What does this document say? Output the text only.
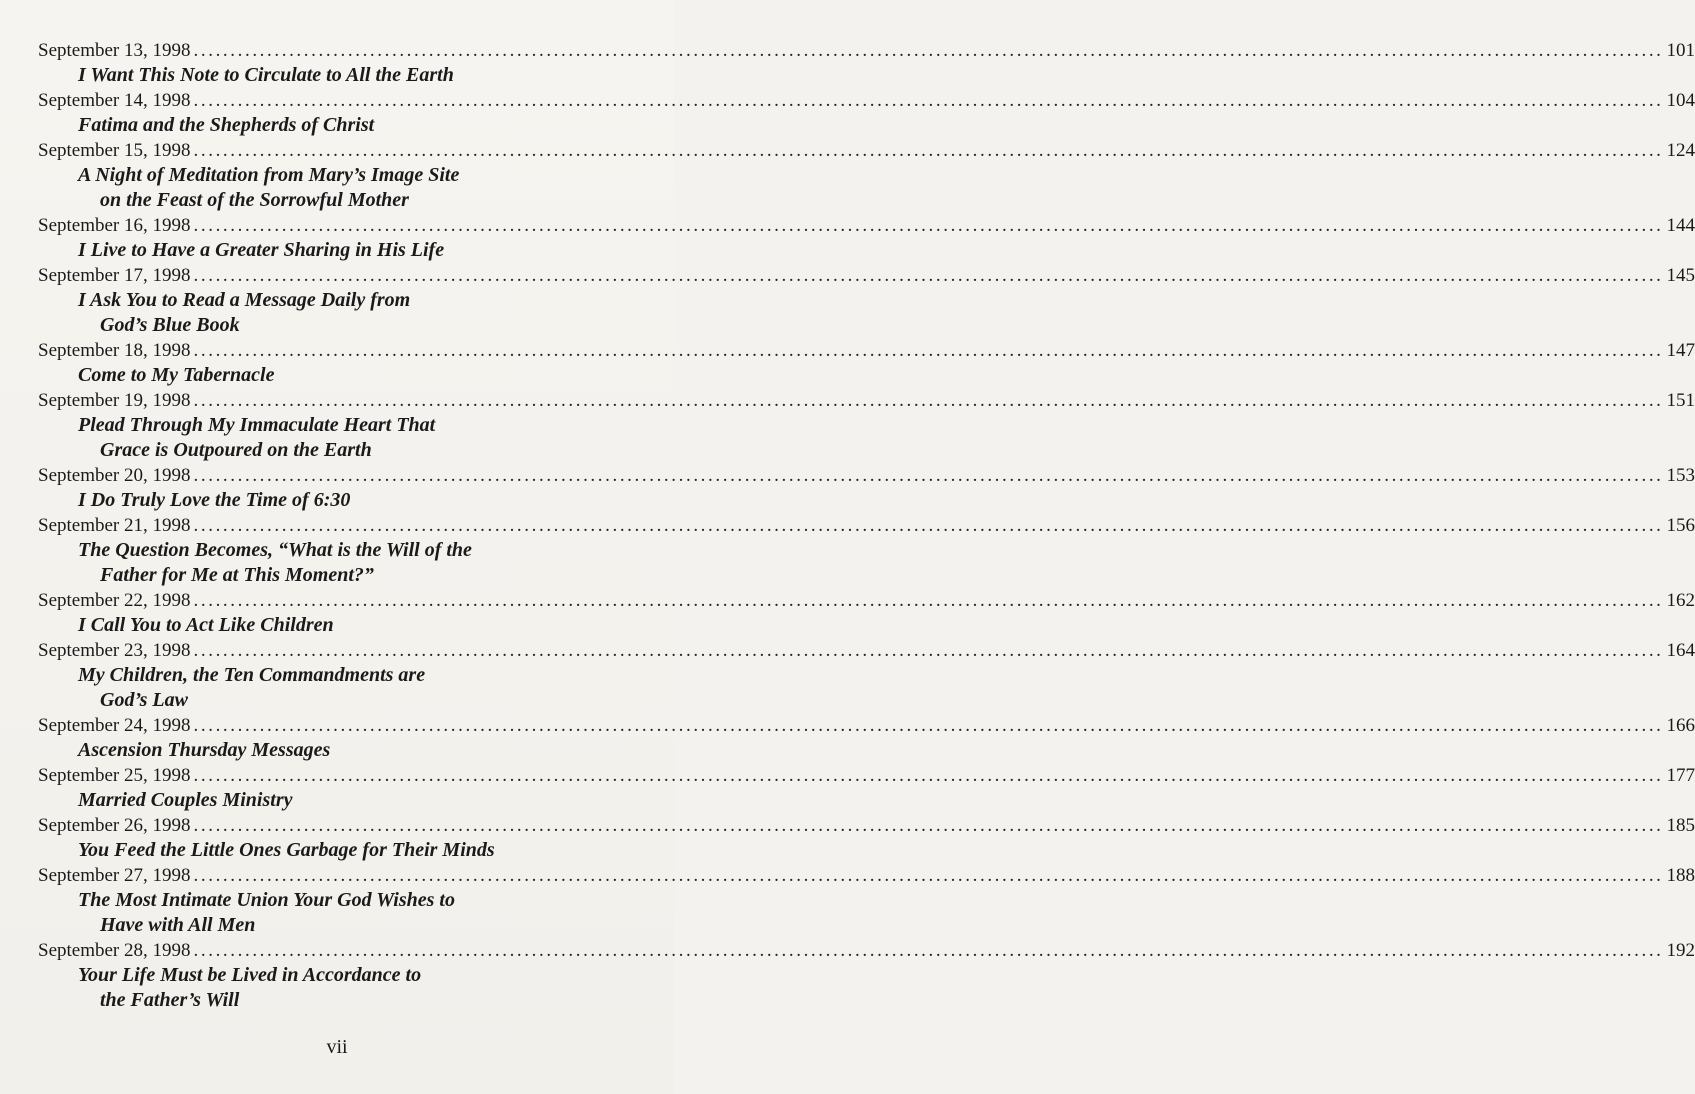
September 13, 1998 ........................................................................................................................................................................................................ 101
I Want This Note to Circulate to All the Earth
September 14, 1998 ........................................................................................................................................................................................................ 104
Fatima and the Shepherds of Christ
September 15, 1998 ........................................................................................................................................................................................................ 124
A Night of Meditation from Mary’s Image Site
on the Feast of the Sorrowful Mother
September 16, 1998 ........................................................................................................................................................................................................ 144
I Live to Have a Greater Sharing in His Life
September 17, 1998 ........................................................................................................................................................................................................ 145
I Ask You to Read a Message Daily from
God’s Blue Book
September 18, 1998 ........................................................................................................................................................................................................ 147
Come to My Tabernacle
September 19, 1998 ........................................................................................................................................................................................................ 151
Plead Through My Immaculate Heart That
Grace is Outpoured on the Earth
September 20, 1998 ........................................................................................................................................................................................................ 153
I Do Truly Love the Time of 6:30
September 21, 1998 ........................................................................................................................................................................................................ 156
The Question Becomes, “What is the Will of the
Father for Me at This Moment?”
September 22, 1998 ........................................................................................................................................................................................................ 162
I Call You to Act Like Children
September 23, 1998 ........................................................................................................................................................................................................ 164
My Children, the Ten Commandments are
God’s Law
September 24, 1998 ........................................................................................................................................................................................................ 166
Ascension Thursday Messages
September 25, 1998 ........................................................................................................................................................................................................ 177
Married Couples Ministry
September 26, 1998 ........................................................................................................................................................................................................ 185
You Feed the Little Ones Garbage for Their Minds
September 27, 1998 ........................................................................................................................................................................................................ 188
The Most Intimate Union Your God Wishes to
Have with All Men
September 28, 1998 ........................................................................................................................................................................................................ 192
Your Life Must be Lived in Accordance to
the Father’s Will
vii
